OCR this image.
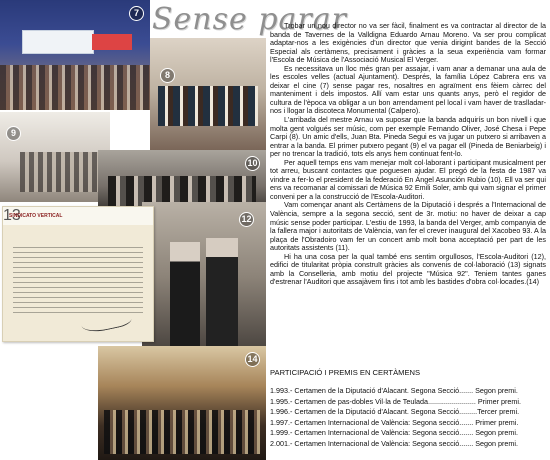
7
8
9
10
12
SINDICATO VERTICAL
13
14
Sense parar

Trobar un nou director no va ser fàcil, finalment es va contractar al director de la banda de Tavernes de la Valldigna Eduardo Arnau Moreno. Va ser prou complicat adaptar-nos a les exigències d'un director que venia dirigint bandes de la Secció Especial als certàmens, precisament i gràcies a la seua experiència vam formar l'Escola de Música de l'Associació Musical El Verger.

Es necessitava un lloc més gran per assajar, i vam anar a demanar una aula de les escoles velles (actual Ajuntament). Després, la família López Cabrera ens va deixar el cine (7) sense pagar res, nosaltres en agraïment ens fèiem càrrec del manteniment i dels impostos. Allí vam estar uns quants anys, però el regidor de cultura de l'època va obligar a un bon arrendament pel local i vam haver de traslladar-nos i llogar la discoteca Monumental (Calpero).

L'arribada del mestre Arnau va suposar que la banda adquirís un bon nivell i que molta gent volgués ser músic, com per exemple Fernando Oliver, José Chesa i Pepe Carpi (8). Un amic d'ells, Juan Bta. Pineda Segui es va jugar un putxero si arribaven a entrar a la banda. El primer putxero pegant (9) el va pagar ell (Pineda de Beniarbeig) i per no trencar la tradició, tots els anys hem continuat fent-lo.

Per aquell temps ens vam menejar molt col·laborant i participant musicalment per tot arreu, buscant contactes que poguesen ajudar. El pregó de la festa de 1987 va vindre a fer-lo el president de la federació En Ángel Asunción Rubio (10). Ell va ser qui ens va recomanar al comissari de Música 92 Emili Soler, amb qui vam signar el primer conveni per a la construcció de l'Escola-Auditori.

Vam començar anant als Certàmens de la Diputació i després a l'Internacional de València, sempre a la segona secció, sent de 3r. motiu: no haver de deixar a cap músic sense poder participar. L'estiu de 1993, la banda del Verger, amb companyia de la fallera major i autoritats de València, van fer el crever inaugural del Xacobeo 93. A la plaça de l'Obradoiro vam fer un concert amb molt bona acceptació per part de les autoritats assistents (11).

Hi ha una cosa per la qual també ens sentim orgullosos, l'Escola-Auditori (12), edifici de titularitat pròpia construït gràcies als convenis de col·laboració (13) signats amb la Conselleria, amb motiu del projecte "Música 92". Teniem tantes ganes d'estrenar l'Auditori que assajàvem fins i tot amb les bastides d'obra col·locades.(14)

PARTICIPACIÓ I PREMIS EN CERTÀMENS
1.993.- Certamen de la Diputació d'Alacant. Segona Secció....... Segon premi.
1.995.- Certamen de pas-dobles Vil·la de Teulada........................ Primer premi.
1.996.- Certamen de la Diputació d'Alacant. Segona Secció.........Tercer premi.
1.997.- Certamen Internacional de València: Segona secció....... Primer premi.
1.999.- Certamen Internacional de València: Segona secció....... Segon premi.
2.001.- Certamen Internacional de València: Segona secció....... Segon premi.
